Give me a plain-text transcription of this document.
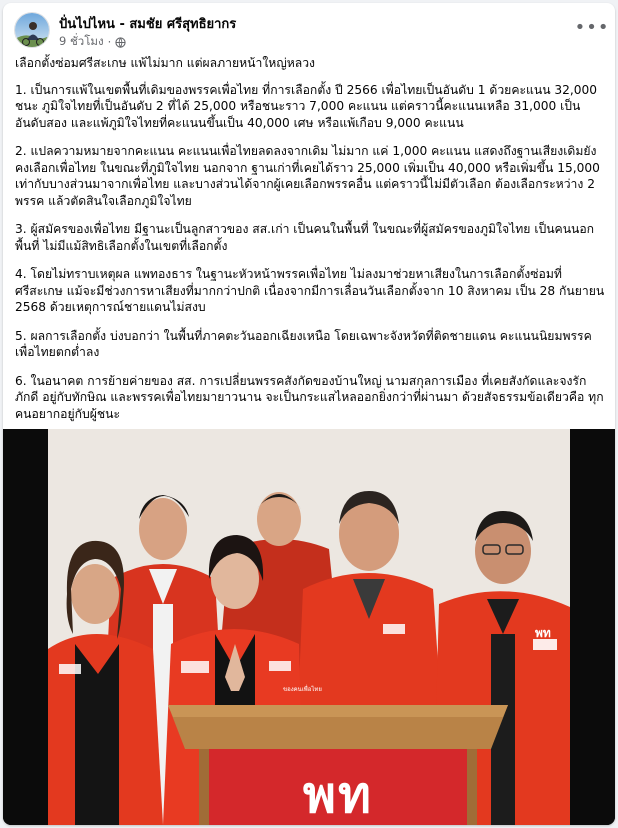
ปั่นไปไหน - สมชัย ศรีสุทธิยากร
9 ชั่วโมง ·
•••

เลือกตั้งซ่อมศรีสะเกษ แพ้ไม่มาก แต่ผลภายหน้าใหญ่หลวง

1. เป็นการแพ้ในเขตพื้นที่เดิมของพรรคเพื่อไทย ที่การเลือกตั้ง ปี 2566 เพื่อไทยเป็นอันดับ 1 ด้วยคะแนน 32,000 ชนะ ภูมิใจไทยที่เป็นอันดับ 2 ที่ได้ 25,000 หรือชนะราว 7,000 คะแนน แต่คราวนี้คะแนนเหลือ 31,000 เป็นอันดับสอง และแพ้ภูมิใจไทยที่คะแนนขึ้นเป็น 40,000 เศษ หรือแพ้เกือบ 9,000 คะแนน

2. แปลความหมายจากคะแนน คะแนนเพื่อไทยลดลงจากเดิม ไม่มาก แค่ 1,000 คะแนน แสดงถึงฐานเสียงเดิมยังคงเลือกเพื่อไทย ในขณะที่ภูมิใจไทย นอกจาก ฐานเก่าที่เคยได้ราว 25,000 เพิ่มเป็น 40,000 หรือเพิ่มขึ้น 15,000 เท่ากับบางส่วนมาจากเพื่อไทย และบางส่วนได้จากผู้เคยเลือกพรรคอื่น แต่คราวนี้ไม่มีตัวเลือก ต้องเลือกระหว่าง 2 พรรค แล้วตัดสินใจเลือกภูมิใจไทย

3. ผู้สมัครของเพื่อไทย มีฐานะเป็นลูกสาวของ สส.เก่า เป็นคนในพื้นที่ ในขณะที่ผู้สมัครของภูมิใจไทย เป็นคนนอกพื้นที่ ไม่มีแม้สิทธิเลือกตั้งในเขตที่เลือกตั้ง

4. โดยไม่ทราบเหตุผล แพทองธาร ในฐานะหัวหน้าพรรคเพื่อไทย ไม่ลงมาช่วยหาเสียงในการเลือกตั้งซ่อมที่ศรีสะเกษ แม้จะมีช่วงการหาเสียงที่มากกว่าปกติ เนื่องจากมีการเลื่อนวันเลือกตั้งจาก 10 สิงหาคม เป็น 28 กันยายน 2568 ด้วยเหตุการณ์ชายแดนไม่สงบ

5. ผลการเลือกตั้ง บ่งบอกว่า ในพื้นที่ภาคตะวันออกเฉียงเหนือ โดยเฉพาะจังหวัดที่ติดชายแดน คะแนนนิยมพรรคเพื่อไทยตกต่ำลง

6. ในอนาคต การย้ายค่ายของ สส. การเปลี่ยนพรรคสังกัดของบ้านใหญ่ นามสกุลการเมือง ที่เคยสังกัดและจงรักภักดี อยู่กับทักษิณ และพรรคเพื่อไทยมายาวนาน จะเป็นกระแสไหลออกยิ่งกว่าที่ผ่านมา ด้วยสัจธรรมข้อเดียวคือ ทุกคนอยากอยู่กับผู้ชนะ

พท
พท
ของคนเพื่อไทย
